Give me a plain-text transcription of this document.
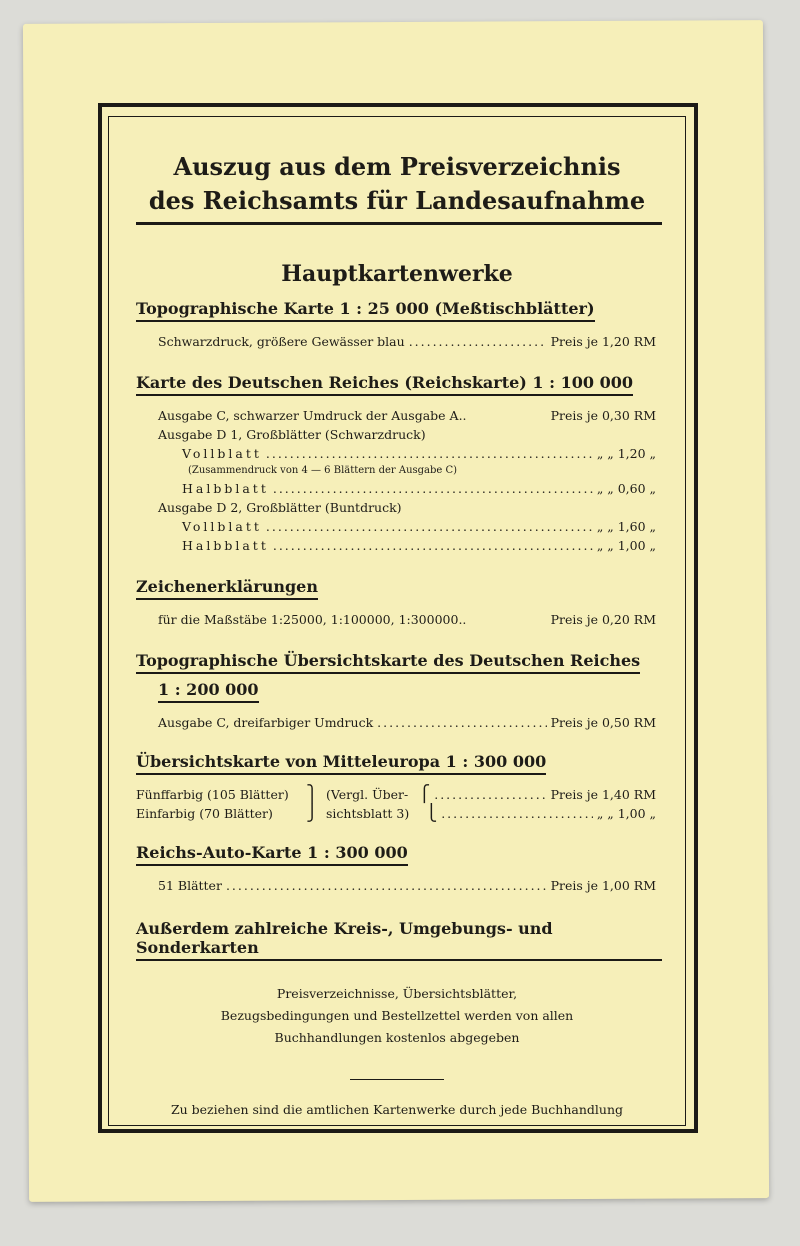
Auszug aus dem Preisverzeichnis
des Reichsamts für Landesaufnahme
Hauptkartenwerke
Topographische Karte 1 : 25 000 (Meßtischblätter)
Schwarzdruck, größere Gewässer blau .....	Preis je 1,20 RM
Karte des Deutschen Reiches (Reichskarte) 1 : 100 000
Ausgabe C, schwarzer Umdruck der Ausgabe A..	Preis je 0,30 RM
Ausgabe D 1, Großblätter (Schwarzdruck)
Vollblatt .....	„ „ 1,20 „
(Zusammendruck von 4 — 6 Blättern der Ausgabe C)
Halbblatt .....	„ „ 0,60 „
Ausgabe D 2, Großblätter (Buntdruck)
Vollblatt .....	„ „ 1,60 „
Halbblatt .....	„ „ 1,00 „
Zeichenerklärungen
für die Maßstäbe 1:25000, 1:100000, 1:300000..	Preis je 0,20 RM
Topographische Übersichtskarte des Deutschen Reiches
1 : 200 000
Ausgabe C, dreifarbiger Umdruck .....	Preis je 0,50 RM
Übersichtskarte von Mitteleuropa 1 : 300 000
Fünffarbig (105 Blätter)	⎫ (Vergl. Über- ⎧ .....	Preis je 1,40 RM
Einfarbig (70 Blätter)	⎭ sichtsblatt 3) ⎩ .....	„ „ 1,00 „
Reichs-Auto-Karte 1 : 300 000
51 Blätter .....	Preis je 1,00 RM
Außerdem zahlreiche Kreis-, Umgebungs- und Sonderkarten
Preisverzeichnisse, Übersichtsblätter,
Bezugsbedingungen und Bestellzettel werden von allen
Buchhandlungen kostenlos abgegeben
Zu beziehen sind die amtlichen Kartenwerke durch jede Buchhandlung
